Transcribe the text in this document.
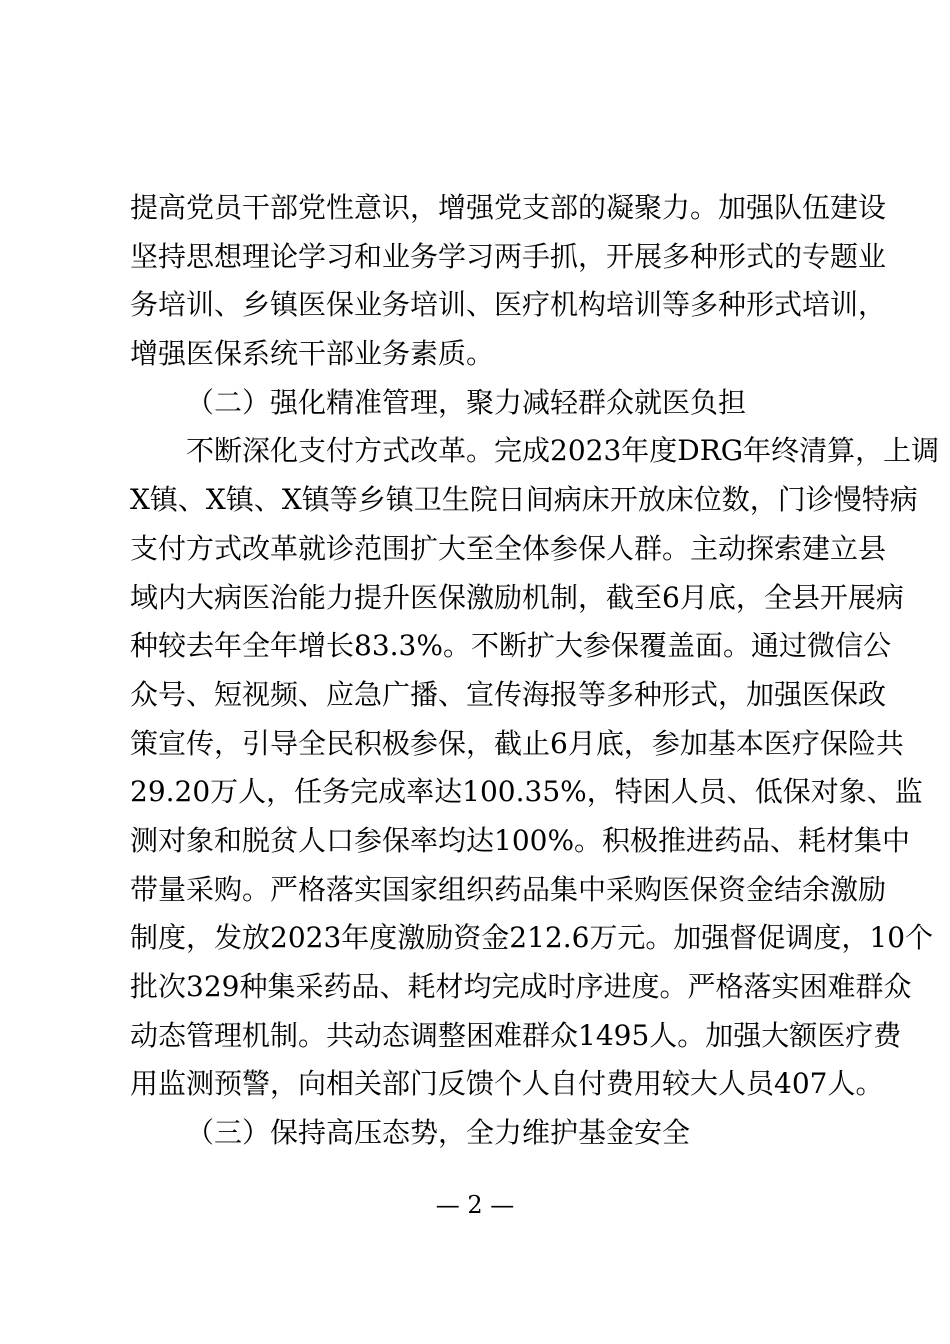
提高党员干部党性意识，增强党支部的凝聚力。加强队伍建设
坚持思想理论学习和业务学习两手抓，开展多种形式的专题业
务培训、乡镇医保业务培训、医疗机构培训等多种形式培训，
增强医保系统干部业务素质。
（二）强化精准管理，聚力减轻群众就医负担
不断深化支付方式改革。完成2023年度DRG年终清算，上调
X镇、X镇、X镇等乡镇卫生院日间病床开放床位数，门诊慢特病
支付方式改革就诊范围扩大至全体参保人群。主动探索建立县
域内大病医治能力提升医保激励机制，截至6月底，全县开展病
种较去年全年增长83.3%。不断扩大参保覆盖面。通过微信公
众号、短视频、应急广播、宣传海报等多种形式，加强医保政
策宣传，引导全民积极参保，截止6月底，参加基本医疗保险共
29.20万人，任务完成率达100.35%，特困人员、低保对象、监
测对象和脱贫人口参保率均达100%。积极推进药品、耗材集中
带量采购。严格落实国家组织药品集中采购医保资金结余激励
制度，发放2023年度激励资金212.6万元。加强督促调度，10个
批次329种集采药品、耗材均完成时序进度。严格落实困难群众
动态管理机制。共动态调整困难群众1495人。加强大额医疗费
用监测预警，向相关部门反馈个人自付费用较大人员407人。
（三）保持高压态势，全力维护基金安全
— 2 —
